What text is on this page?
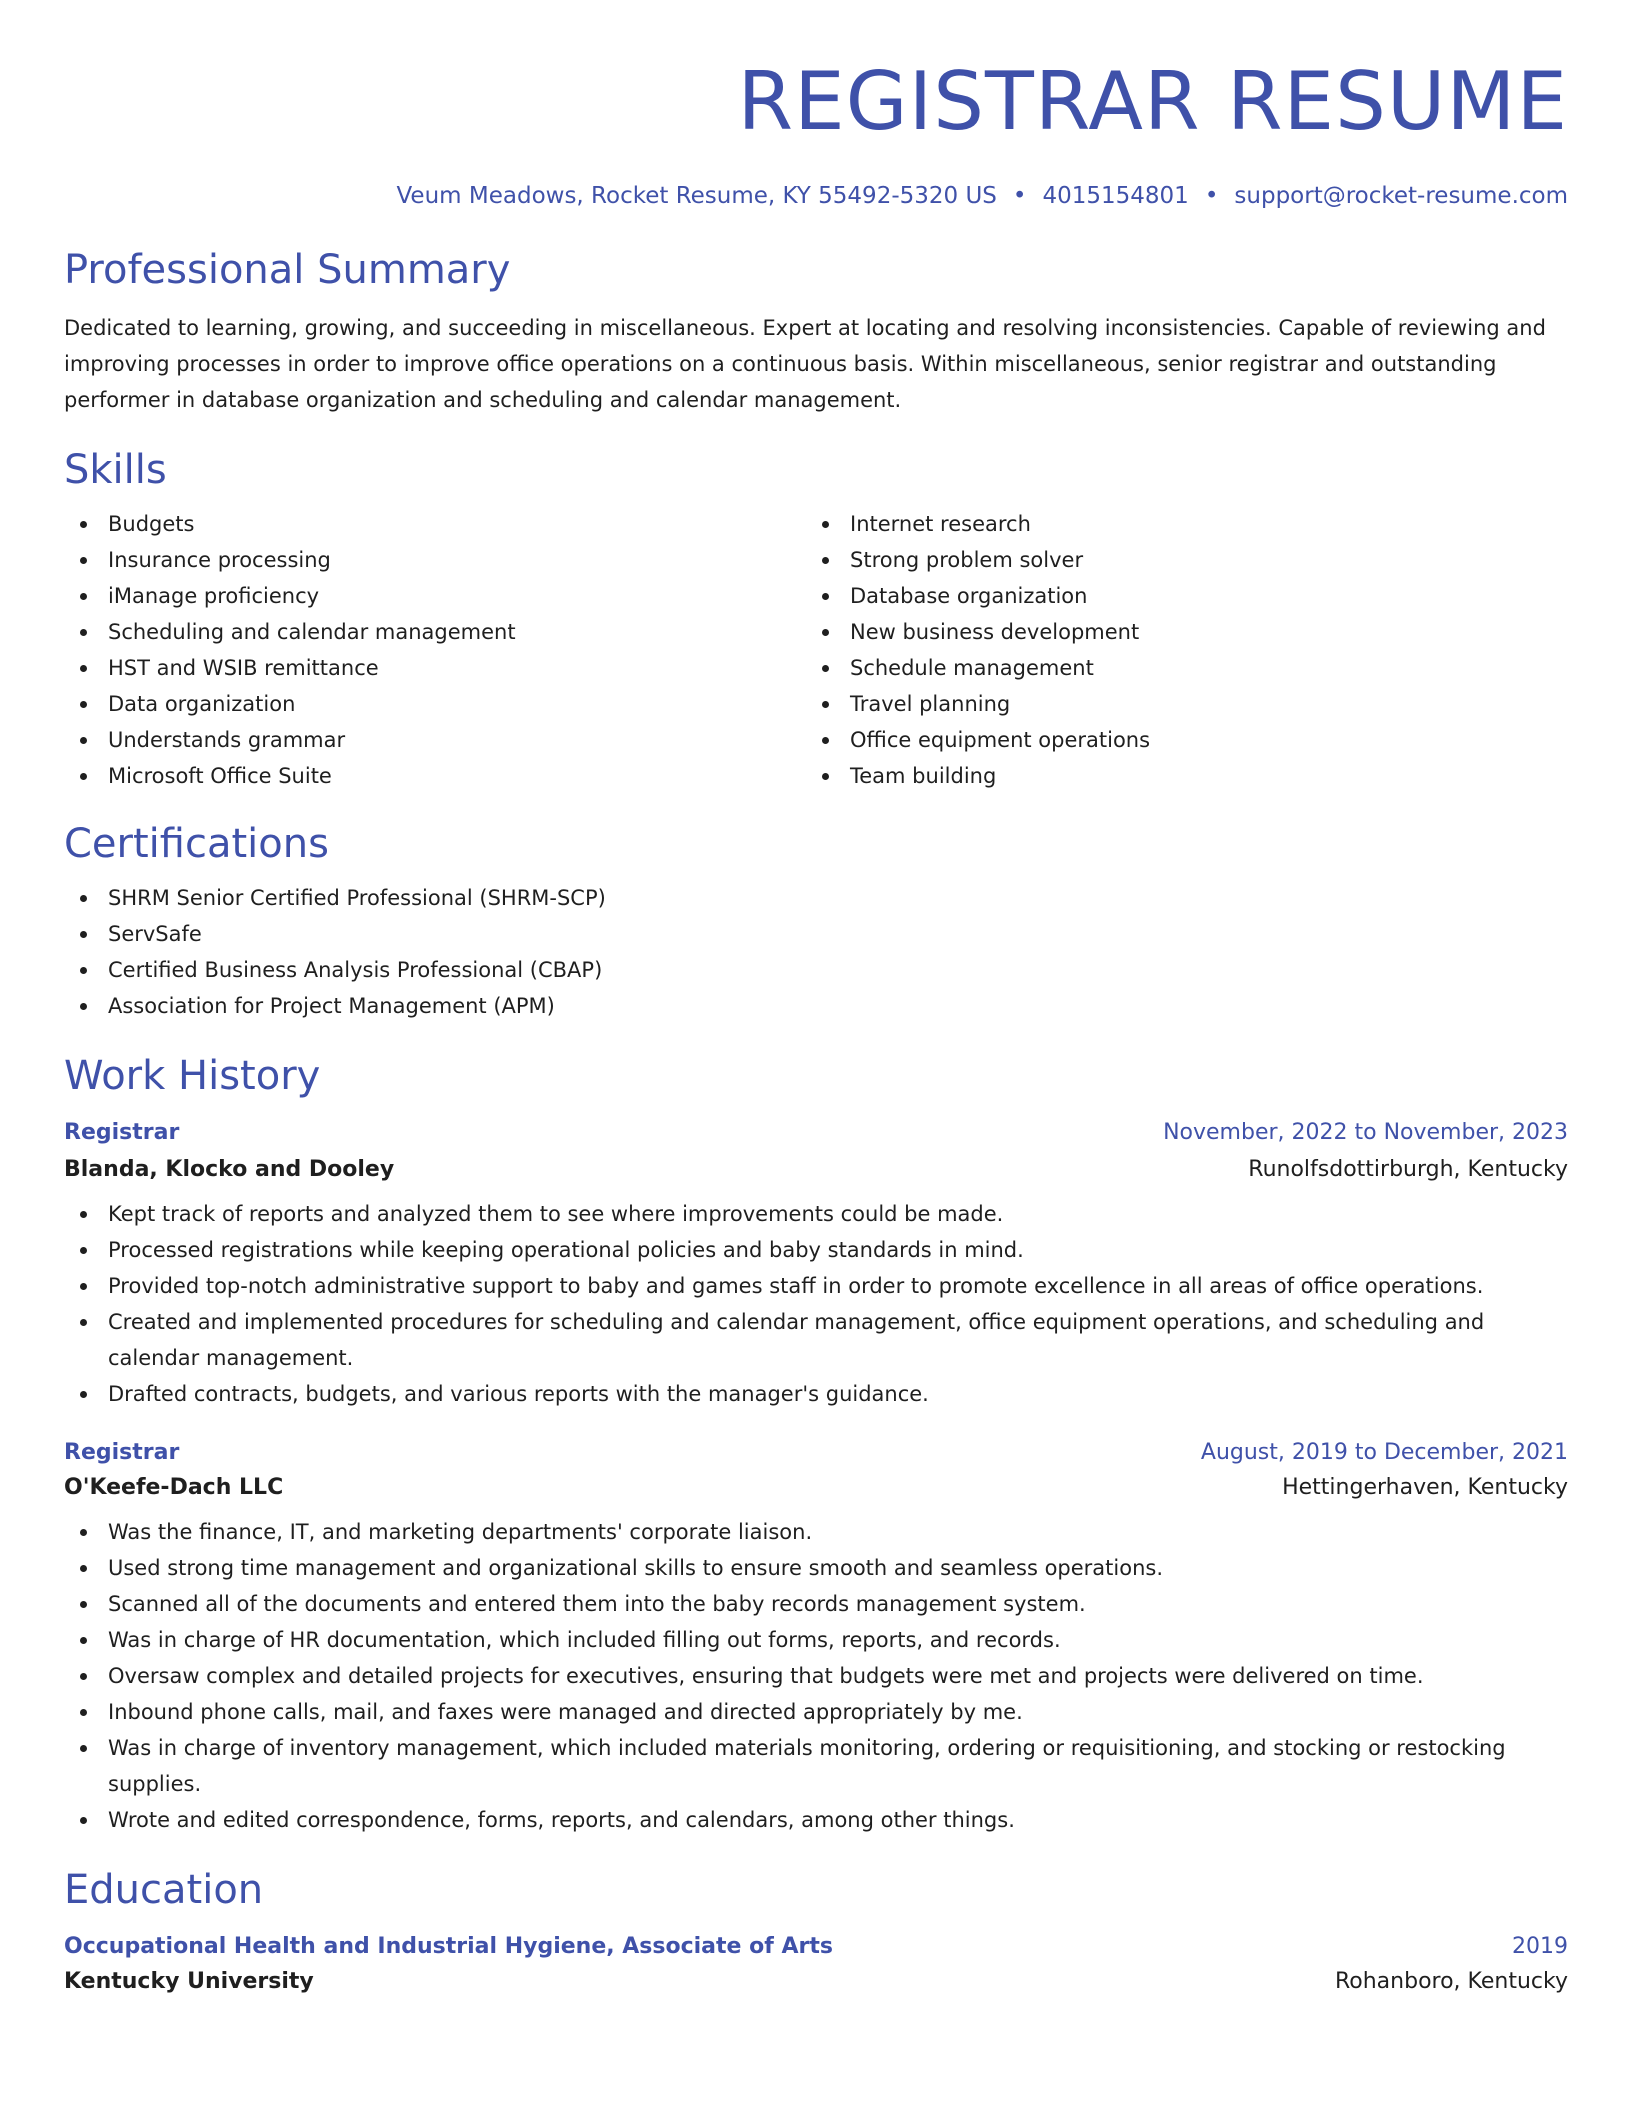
REGISTRAR RESUME
Veum Meadows, Rocket Resume, KY 55492-5320 US • 4015154801 • support@rocket-resume.com
Professional Summary

Dedicated to learning, growing, and succeeding in miscellaneous. Expert at locating and resolving inconsistencies. Capable of reviewing and improving processes in order to improve office operations on a continuous basis. Within miscellaneous, senior registrar and outstanding performer in database organization and scheduling and calendar management.

Skills
Budgets
Insurance processing
iManage proficiency
Scheduling and calendar management
HST and WSIB remittance
Data organization
Understands grammar
Microsoft Office Suite
Internet research
Strong problem solver
Database organization
New business development
Schedule management
Travel planning
Office equipment operations
Team building
Certifications
SHRM Senior Certified Professional (SHRM-SCP)
ServSafe
Certified Business Analysis Professional (CBAP)
Association for Project Management (APM)
Work History
Registrar	November, 2022 to November, 2023
Blanda, Klocko and Dooley	Runolfsdottirburgh, Kentucky
Kept track of reports and analyzed them to see where improvements could be made.
Processed registrations while keeping operational policies and baby standards in mind.
Provided top-notch administrative support to baby and games staff in order to promote excellence in all areas of office operations.
Created and implemented procedures for scheduling and calendar management, office equipment operations, and scheduling and calendar management.
Drafted contracts, budgets, and various reports with the manager's guidance.
Registrar	August, 2019 to December, 2021
O'Keefe-Dach LLC	Hettingerhaven, Kentucky
Was the finance, IT, and marketing departments' corporate liaison.
Used strong time management and organizational skills to ensure smooth and seamless operations.
Scanned all of the documents and entered them into the baby records management system.
Was in charge of HR documentation, which included filling out forms, reports, and records.
Oversaw complex and detailed projects for executives, ensuring that budgets were met and projects were delivered on time.
Inbound phone calls, mail, and faxes were managed and directed appropriately by me.
Was in charge of inventory management, which included materials monitoring, ordering or requisitioning, and stocking or restocking supplies.
Wrote and edited correspondence, forms, reports, and calendars, among other things.
Education
Occupational Health and Industrial Hygiene, Associate of Arts	2019
Kentucky University	Rohanboro, Kentucky
